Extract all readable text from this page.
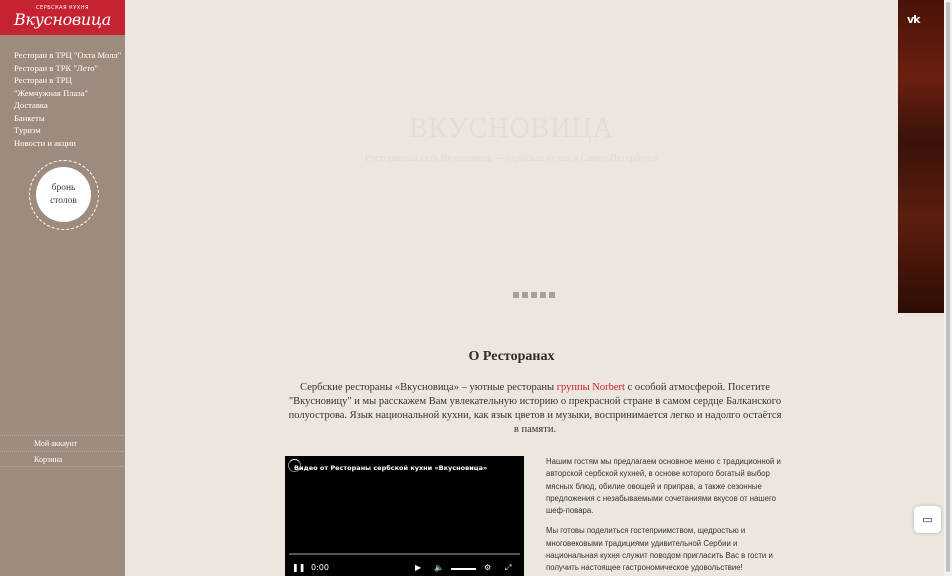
СЕРБСКАЯ КУХНЯ
Вкусновица
Ресторан в ТРЦ "Охта Молл"
Ресторан в ТРК "Лето"
Ресторан в ТРЦ
"Жемчужная Плаза"
Доставка
Банкеты
Туризм
Новости и акции
бронь
столов
Мой аккаунт
Корзина
ВКУСНОВИЦА
Ресторанная сеть Вкусновица — сербская кухня в Санкт-Петербурге
vk
О Ресторанах
Сербские рестораны «Вкусновица» – уютные рестораны группы Norbert с особой атмосферой. Посетите "Вкусновицу" и мы расскажем Вам увлекательную историю о прекрасной стране в самом сердце Балканского полуострова. Язык национальной кухни, как язык цветов и музыки, воспринимается легко и надолго остаётся в памяти.
Видео от Рестораны сербской кухни «Вкусновица»
❚❚ 0:00	▶ 🔈	⚙ ⤢

Нашим гостям мы предлагаем основное меню с традиционной и авторской сербской кухней, в основе которого богатый выбор мясных блюд, обилие овощей и приправ, а также сезонные предложения с незабываемыми сочетаниями вкусов от нашего шеф-повара.

Мы готовы поделиться гостеприимством, щедростью и многовековыми традициями удивительной Сербии и национальная кухня служит поводом пригласить Вас в гости и получить настоящее гастрономическое удовольствие!

▭
